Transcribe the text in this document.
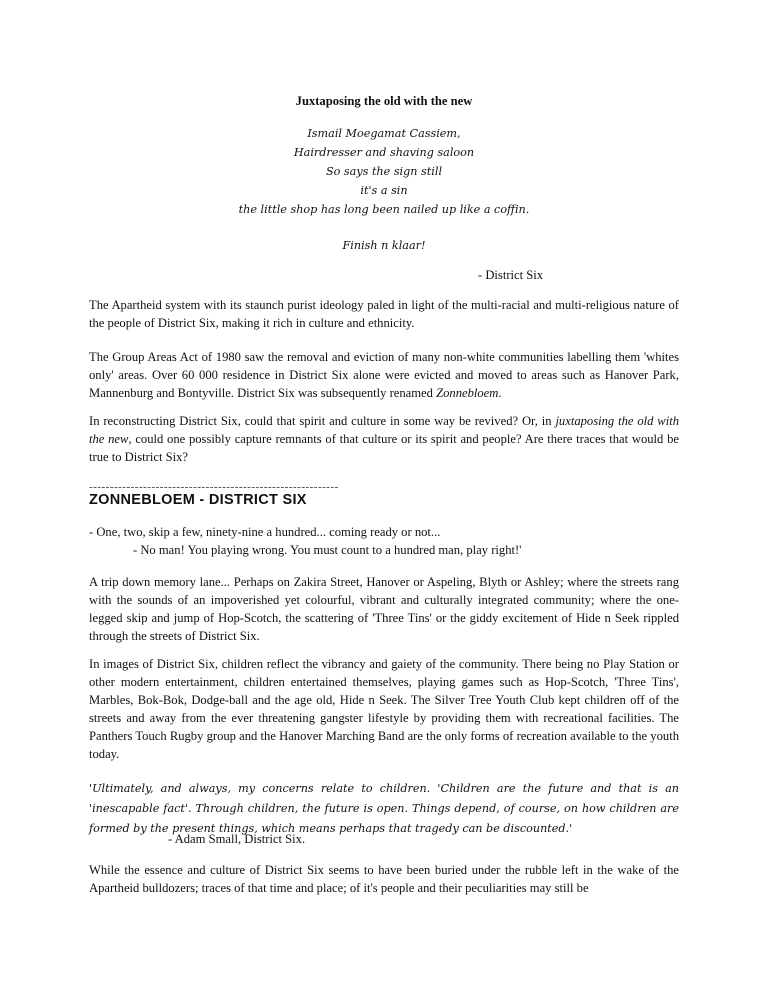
Juxtaposing the old with the new
Ismail Moegamat Cassiem,
Hairdresser and shaving saloon
So says the sign still
it's a sin
the little shop has long been nailed up like a coffin.
Finish n klaar!
- District Six

The Apartheid system with its staunch purist ideology paled in light of the multi-racial and multi-religious nature of the people of District Six, making it rich in culture and ethnicity.

The Group Areas Act of 1980 saw the removal and eviction of many non-white communities labelling them 'whites only' areas. Over 60 000 residence in District Six alone were evicted and moved to areas such as Hanover Park, Mannenburg and Bontyville. District Six was subsequently renamed Zonnebloem.

In reconstructing District Six, could that spirit and culture in some way be revived? Or, in juxtaposing the old with the new, could one possibly capture remnants of that culture or its spirit and people? Are there traces that would be true to District Six?

------------------------------------------------------------
ZONNEBLOEM - DISTRICT SIX
- One, two, skip a few, ninety-nine a hundred... coming ready or not...
- No man! You playing wrong. You must count to a hundred man, play right!'

A trip down memory lane... Perhaps on Zakira Street, Hanover or Aspeling, Blyth or Ashley; where the streets rang with the sounds of an impoverished yet colourful, vibrant and culturally integrated community; where the one-legged skip and jump of Hop-Scotch, the scattering of 'Three Tins' or the giddy excitement of Hide n Seek rippled through the streets of District Six.

In images of District Six, children reflect the vibrancy and gaiety of the community. There being no Play Station or other modern entertainment, children entertained themselves, playing games such as Hop-Scotch, 'Three Tins', Marbles, Bok-Bok, Dodge-ball and the age old, Hide n Seek. The Silver Tree Youth Club kept children off of the streets and away from the ever threatening gangster lifestyle by providing them with recreational facilities. The Panthers Touch Rugby group and the Hanover Marching Band are the only forms of recreation available to the youth today.

'Ultimately, and always, my concerns relate to children. 'Children are the future and that is an 'inescapable fact'. Through children, the future is open. Things depend, of course, on how children are formed by the present things, which means perhaps that tragedy can be discounted.'

- Adam Small, District Six.

While the essence and culture of District Six seems to have been buried under the rubble left in the wake of the Apartheid bulldozers; traces of that time and place; of it's people and their peculiarities may still be
